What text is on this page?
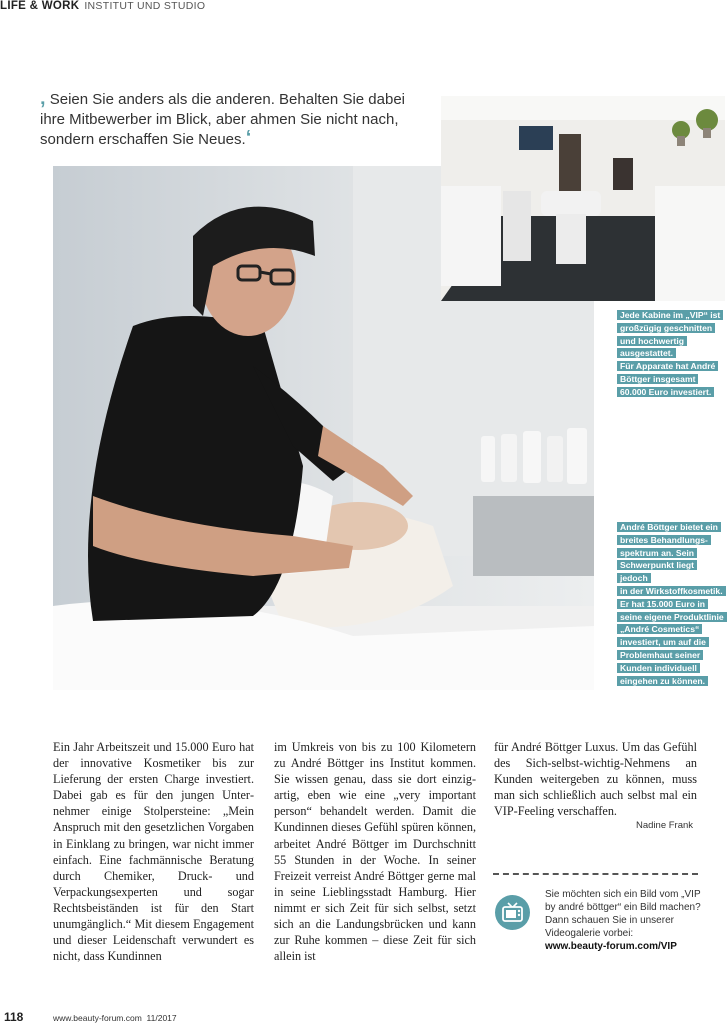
LIFE & WORK INSTITUT UND STUDIO
‚ Seien Sie anders als die anderen. Behalten Sie dabei ihre Mitbewerber im Blick, aber ahmen Sie nicht nach, sondern erschaffen Sie Neues.‘
Jede Kabine im „VIP“ ist
großzügig geschnitten
und hochwertig
ausgestattet.
Für Apparate hat André
Böttger insgesamt
60.000 Euro investiert.
André Böttger bietet ein
breites Behandlungs-
spektrum an. Sein
Schwerpunkt liegt jedoch
in der Wirkstoffkosmetik.
Er hat 15.000 Euro in
seine eigene Produktlinie
„André Cosmetics“
investiert, um auf die
Problemhaut seiner
Kunden individuell
eingehen zu können.
Ein Jahr Arbeitszeit und 15.000 Euro hat der innovative Kosmetiker bis zur Lieferung der ersten Charge investiert. Dabei gab es für den jungen Unternehmer einige Stolpersteine: „Mein Anspruch mit den gesetzlichen Vorgaben in Einklang zu bringen, war nicht immer einfach. Eine fachmännische Beratung durch Chemiker, Druck- und Verpackungsexperten und sogar Rechtsbeiständen ist für den Start unumgänglich.“ Mit diesem Engagement und dieser Leidenschaft verwundert es nicht, dass Kundinnen
im Umkreis von bis zu 100 Kilometern zu André Böttger ins Institut kommen. Sie wissen genau, dass sie dort einzigartig, eben wie eine „very important person“ behandelt werden. Damit die Kundinnen dieses Gefühl spüren können, arbeitet André Böttger im Durchschnitt 55 Stunden in der Woche. In seiner Freizeit verreist André Böttger gerne mal in seine Lieblingsstadt Hamburg. Hier nimmt er sich Zeit für sich selbst, setzt sich an die Landungsbrücken und kann zur Ruhe kommen – diese Zeit für sich allein ist
für André Böttger Luxus. Um das Gefühl des Sich-selbst-wichtig-Nehmens an Kunden weitergeben zu können, muss man sich schließlich auch selbst mal ein VIP-Feeling verschaffen.
Nadine Frank
Sie möchten sich ein Bild vom „VIP by andré böttger“ ein Bild machen? Dann schauen Sie in unserer Videogalerie vorbei:
www.beauty-forum.com/VIP
118	www.beauty-forum.com 11/2017
